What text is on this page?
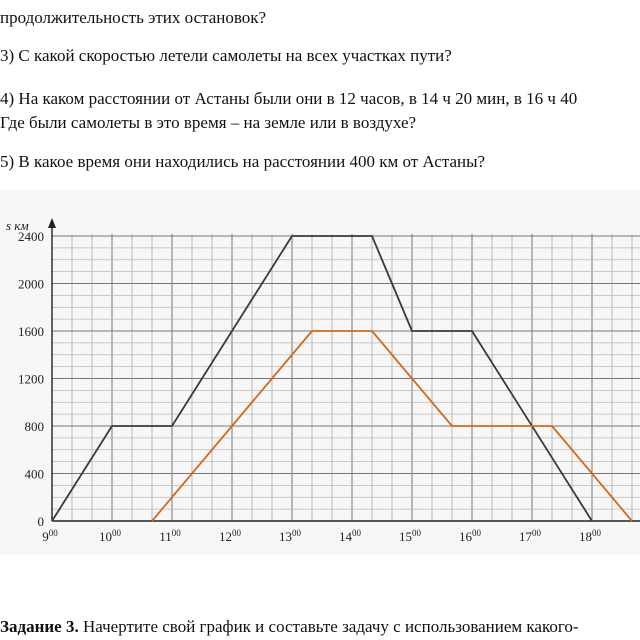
продолжительность этих остановок?
3) С какой скоростью летели самолеты на всех участках пути?
4) На каком расстоянии от Астаны были они в 12 часов, в 14 ч 20 мин, в 16 ч 40
Где были самолеты в это время – на земле или в воздухе?
5) В какое время они находились на расстоянии 400 км от Астаны?
s км
0
400
800
1200
1600
2000
2400
$9^{00}$	$10^{00}$	$11^{00}$	$12^{00}$	$13^{00}$	$14^{00}$	$15^{00}$	$16^{00}$	$17^{00}$	$18^{00}$
Задание 3. Начертите свой график и составьте задачу с использованием какого-
